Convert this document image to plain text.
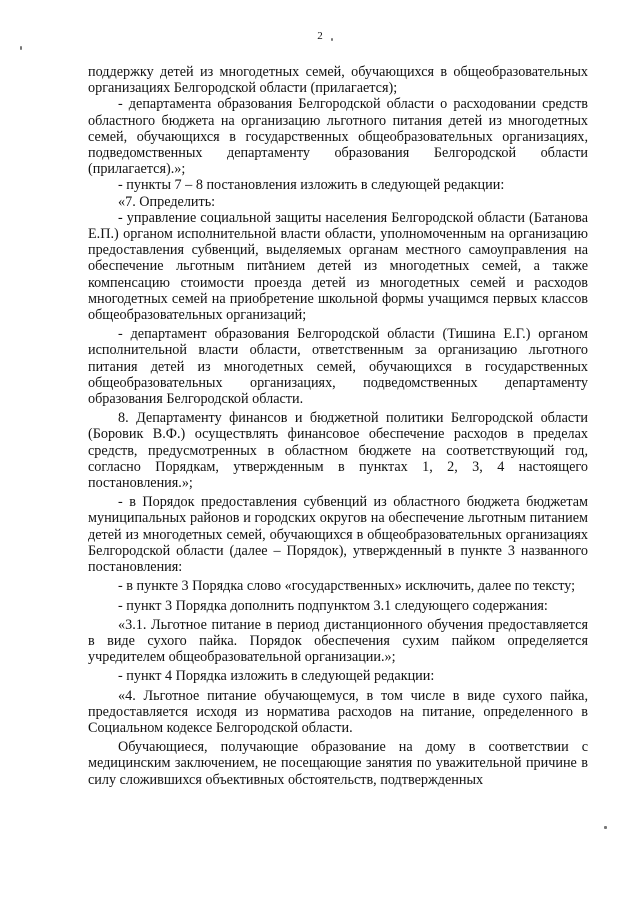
2

поддержку детей из многодетных семей, обучающихся в общеобразовательных организациях Белгородской области (прилагается);

- департамента образования Белгородской области о расходовании средств областного бюджета на организацию льготного питания детей из многодетных семей, обучающихся в государственных общеобразовательных организациях, подведомственных департаменту образования Белгородской области (прилагается).»;

- пункты 7 – 8 постановления изложить в следующей редакции:

«7. Определить:

- управление социальной защиты населения Белгородской области (Батанова Е.П.) органом исполнительной власти области, уполномоченным на организацию предоставления субвенций, выделяемых органам местного самоуправления на обеспечение льготным питанием детей из многодетных семей, а также компенсацию стоимости проезда детей из многодетных семей и расходов многодетных семей на приобретение школьной формы учащимся первых классов общеобразовательных организаций;

- департамент образования Белгородской области (Тишина Е.Г.) органом исполнительной власти области, ответственным за организацию льготного питания детей из многодетных семей, обучающихся в государственных общеобразовательных организациях, подведомственных департаменту образования Белгородской области.

8. Департаменту финансов и бюджетной политики Белгородской области (Боровик В.Ф.) осуществлять финансовое обеспечение расходов в пределах средств, предусмотренных в областном бюджете на соответствующий год, согласно Порядкам, утвержденным в пунктах 1, 2, 3, 4 настоящего постановления.»;

- в Порядок предоставления субвенций из областного бюджета бюджетам муниципальных районов и городских округов на обеспечение льготным питанием детей из многодетных семей, обучающихся в общеобразовательных организациях Белгородской области (далее – Порядок), утвержденный в пункте 3 названного постановления:

- в пункте 3 Порядка слово «государственных» исключить, далее по тексту;

- пункт 3 Порядка дополнить подпунктом 3.1 следующего содержания:

«3.1. Льготное питание в период дистанционного обучения предоставляется в виде сухого пайка. Порядок обеспечения сухим пайком определяется учредителем общеобразовательной организации.»;

- пункт 4 Порядка изложить в следующей редакции:

«4. Льготное питание обучающемуся, в том числе в виде сухого пайка, предоставляется исходя из норматива расходов на питание, определенного в Социальном кодексе Белгородской области.

Обучающиеся, получающие образование на дому в соответствии с медицинским заключением, не посещающие занятия по уважительной причине в силу сложившихся объективных обстоятельств, подтвержденных
